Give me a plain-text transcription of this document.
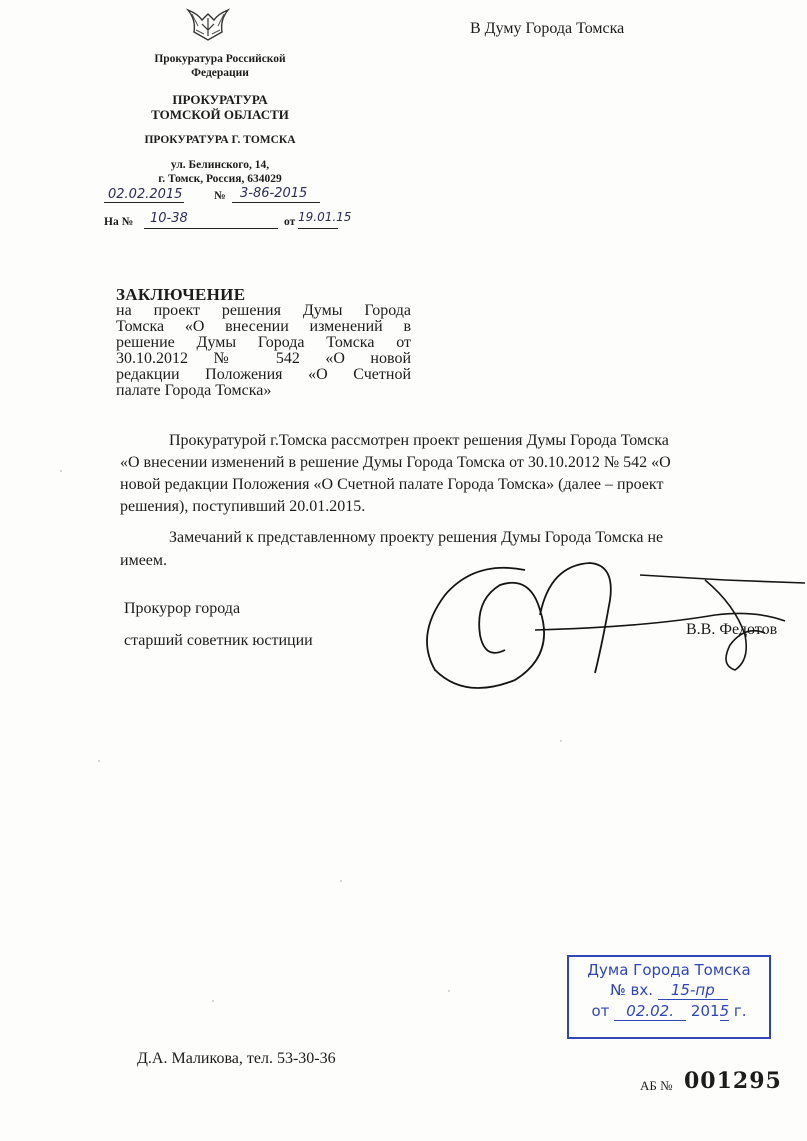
Прокуратура Российской
Федерации
ПРОКУРАТУРА
ТОМСКОЙ ОБЛАСТИ
ПРОКУРАТУРА Г. ТОМСКА
ул. Белинского, 14,
г. Томск, Россия, 634029
02.02.2015	№ 3-86-2015
На № 10-38	от 19.01.15
В Думу Города Томска
ЗАКЛЮЧЕНИЕ
на проект решения Думы Города
Томска «О внесении изменений в
решение Думы Города Томска от
30.10.2012 № 542 «О новой
редакции Положения «О Счетной
палате Города Томска»
Прокуратурой г.Томска рассмотрен проект решения Думы Города Томска
«О внесении изменений в решение Думы Города Томска от 30.10.2012 № 542 «О
новой редакции Положения «О Счетной палате Города Томска» (далее – проект
решения), поступивший 20.01.2015.
Замечаний к представленному проекту решения Думы Города Томска не
имеем.
Прокурор города
старший советник юстиции
В.В. Федотов
Дума Города Томска
№ вх. 15-пр
от 02.02. 2015 г.
Д.А. Маликова, тел. 53-30-36
АБ № 001295
